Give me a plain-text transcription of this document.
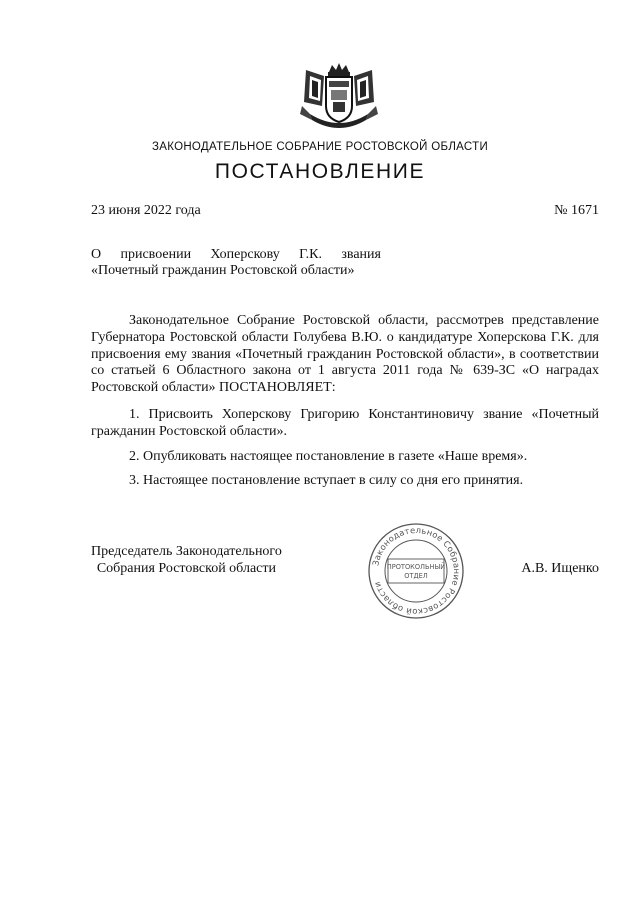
ЗАКОНОДАТЕЛЬНОЕ СОБРАНИЕ РОСТОВСКОЙ ОБЛАСТИ
ПОСТАНОВЛЕНИЕ
23 июня 2022 года	№ 1671
О присвоении Хоперскову Г.К. звания
«Почетный гражданин Ростовской области»

Законодательное Собрание Ростовской области, рассмотрев представление Губернатора Ростовской области Голубева В.Ю. о кандидатуре Хоперскова Г.К. для присвоения ему звания «Почетный гражданин Ростовской области», в соответствии со статьей 6 Областного закона от 1 августа 2011 года № 639-ЗС «О наградах Ростовской области» ПОСТАНОВЛЯЕТ:

1. Присвоить Хоперскову Григорию Константиновичу звание «Почетный гражданин Ростовской области».

2. Опубликовать настоящее постановление в газете «Наше время».

3. Настоящее постановление вступает в силу со дня его принятия.

Председатель Законодательного
Собрания Ростовской области	А.В. Ищенко
Законодательное Собрание Ростовской области
ПРОТОКОЛЬНЫЙ
ОТДЕЛ
